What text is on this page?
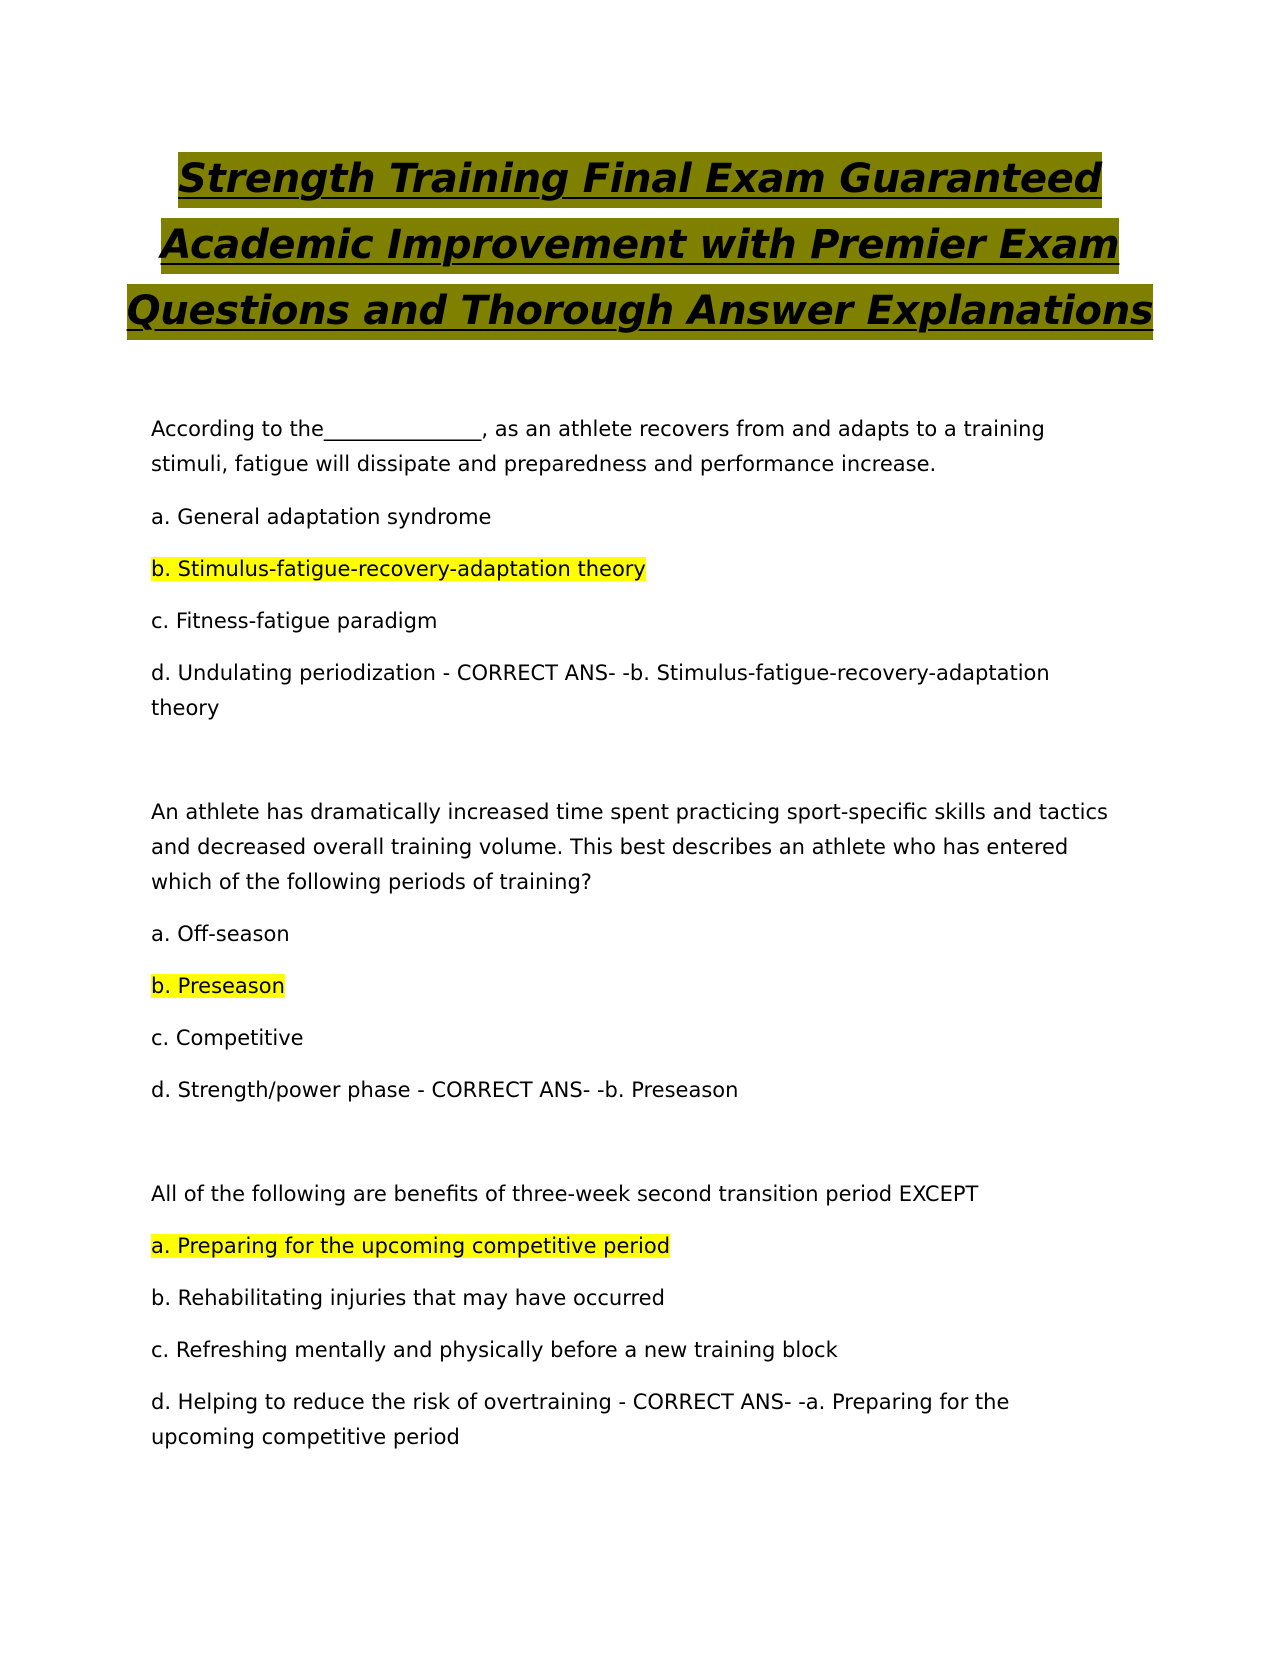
Strength Training Final Exam Guaranteed
Academic Improvement with Premier Exam
Questions and Thorough Answer Explanations

According to the_______________, as an athlete recovers from and adapts to a training stimuli, fatigue will dissipate and preparedness and performance increase.

a. General adaptation syndrome

b. Stimulus-fatigue-recovery-adaptation theory

c. Fitness-fatigue paradigm

d. Undulating periodization - CORRECT ANS- -b. Stimulus-fatigue-recovery-adaptation theory

An athlete has dramatically increased time spent practicing sport-specific skills and tactics and decreased overall training volume. This best describes an athlete who has entered which of the following periods of training?

a. Off-season

b. Preseason

c. Competitive

d. Strength/power phase - CORRECT ANS- -b. Preseason

All of the following are benefits of three-week second transition period EXCEPT

a. Preparing for the upcoming competitive period

b. Rehabilitating injuries that may have occurred

c. Refreshing mentally and physically before a new training block

d. Helping to reduce the risk of overtraining - CORRECT ANS- -a. Preparing for the upcoming competitive period
